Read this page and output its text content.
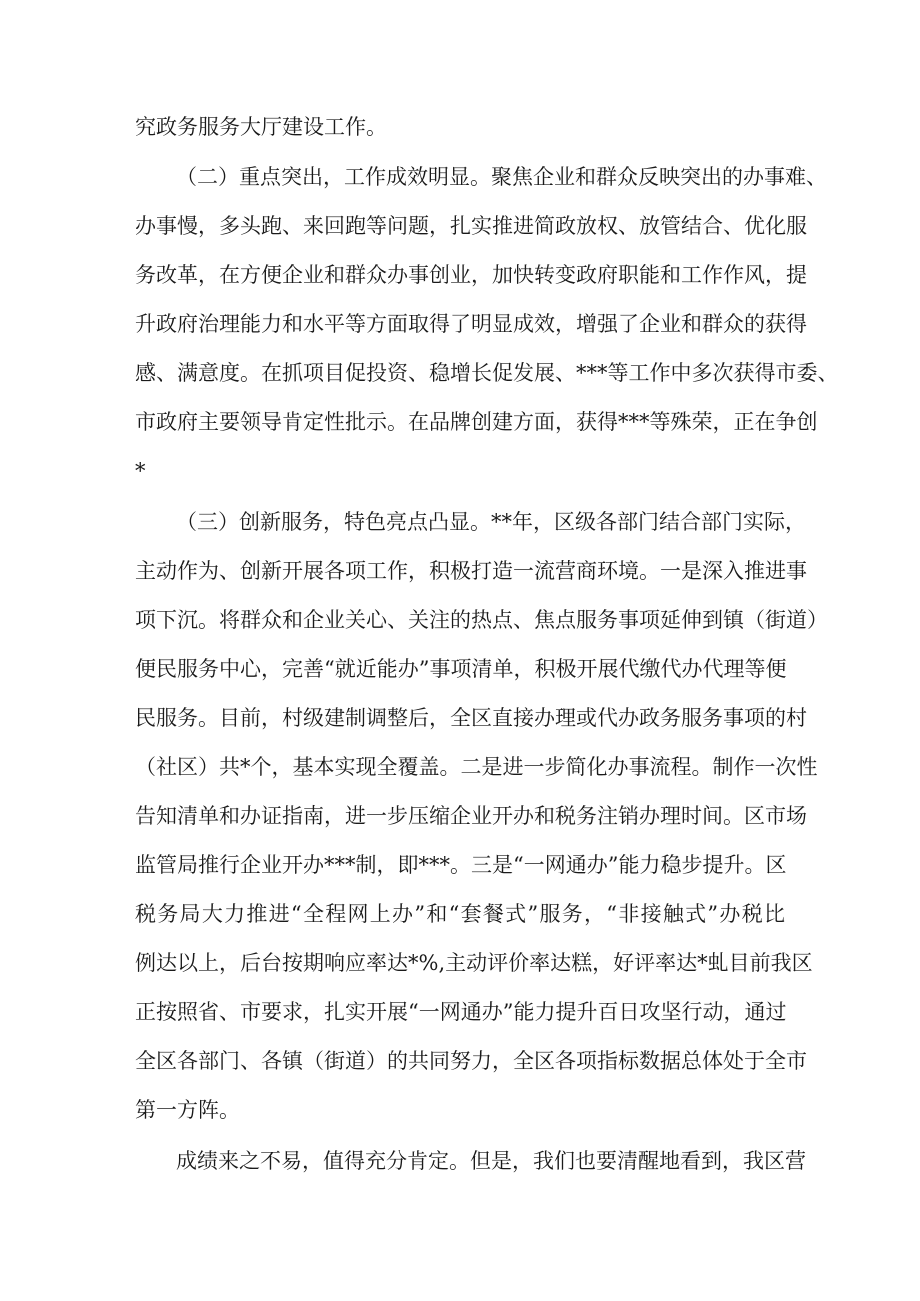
究政务服务大厅建设工作。

（二）重点突出，工作成效明显。聚焦企业和群众反映突出的办事难、

办事慢，多头跑、来回跑等问题，扎实推进简政放权、放管结合、优化服

务改革，在方便企业和群众办事创业，加快转变政府职能和工作作风，提

升政府治理能力和水平等方面取得了明显成效，增强了企业和群众的获得

感、满意度。在抓项目促投资、稳增长促发展、***等工作中多次获得市委、

市政府主要领导肯定性批示。在品牌创建方面，获得***等殊荣，正在争创

*

（三）创新服务，特色亮点凸显。**年，区级各部门结合部门实际，

主动作为、创新开展各项工作，积极打造一流营商环境。一是深入推进事

项下沉。将群众和企业关心、关注的热点、焦点服务事项延伸到镇（街道）

便民服务中心，完善“就近能办”事项清单，积极开展代缴代办代理等便

民服务。目前，村级建制调整后，全区直接办理或代办政务服务事项的村

（社区）共*个，基本实现全覆盖。二是进一步简化办事流程。制作一次性

告知清单和办证指南，进一步压缩企业开办和税务注销办理时间。区市场

监管局推行企业开办***制，即***。三是“一网通办”能力稳步提升。区

税务局大力推进“全程网上办”和“套餐式”服务，“非接触式”办税比

例达以上，后台按期响应率达*%,主动评价率达糕，好评率达*虬目前我区

正按照省、市要求，扎实开展“一网通办”能力提升百日攻坚行动，通过

全区各部门、各镇（街道）的共同努力，全区各项指标数据总体处于全市

第一方阵。

成绩来之不易，值得充分肯定。但是，我们也要清醒地看到，我区营
